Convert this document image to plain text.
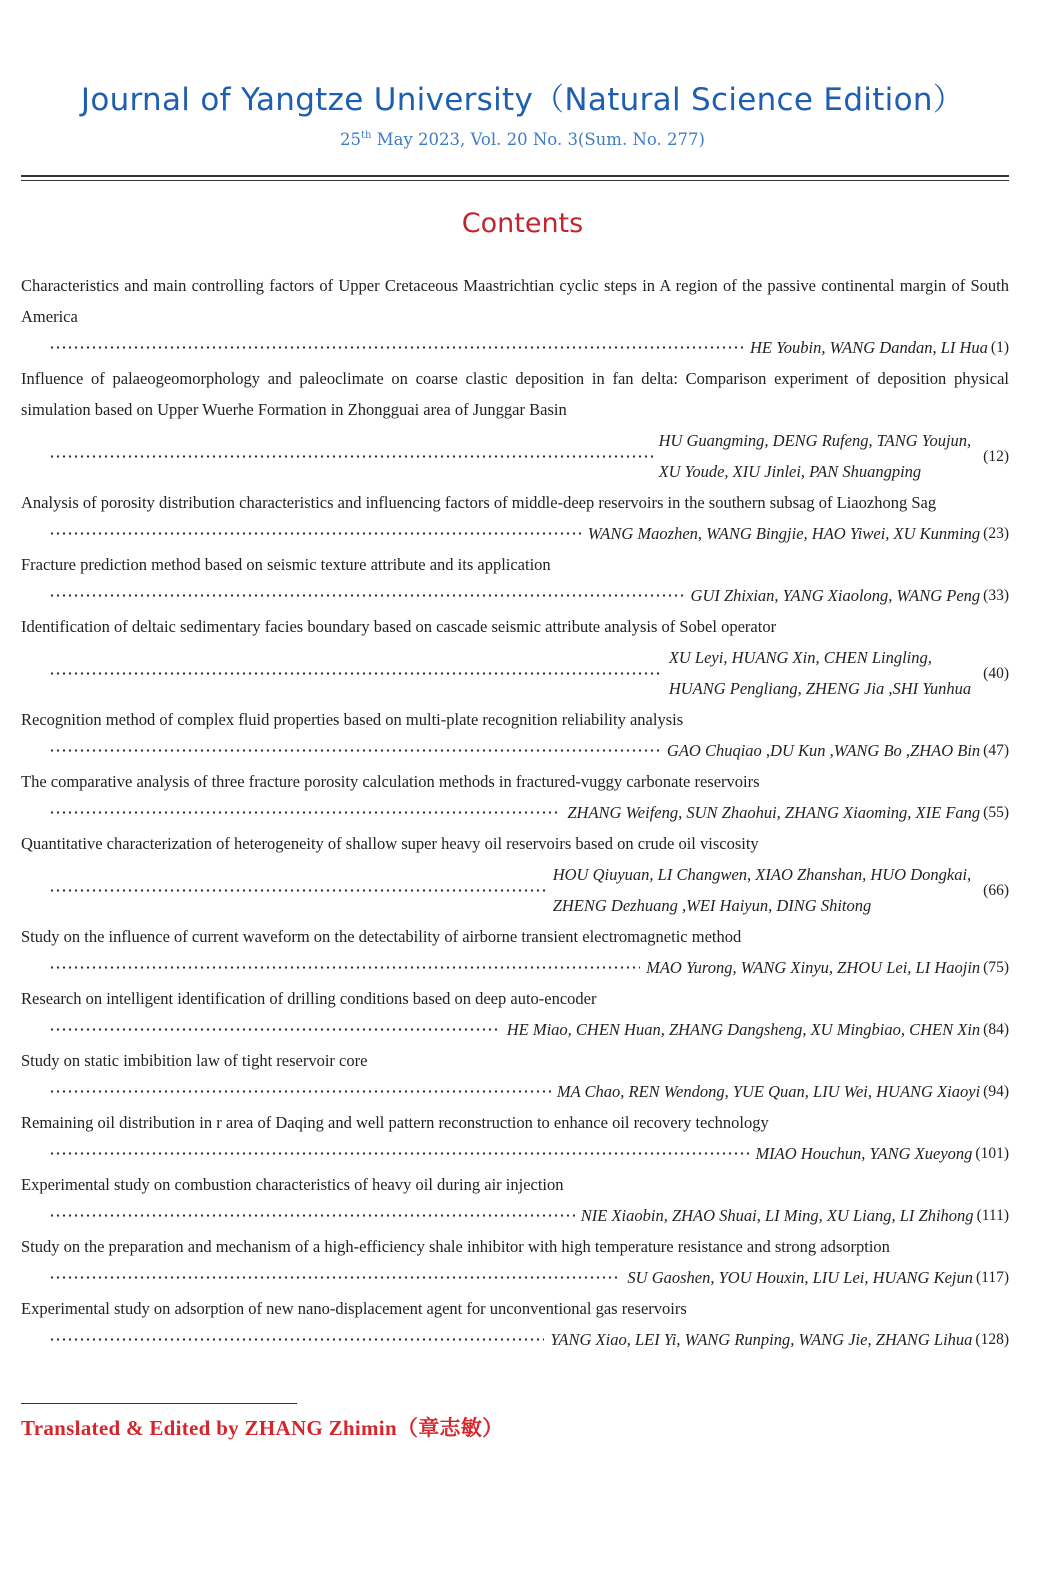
Journal of Yangtze University（Natural Science Edition）
25th May 2023, Vol. 20 No. 3(Sum. No. 277)
Contents
Characteristics and main controlling factors of Upper Cretaceous Maastrichtian cyclic steps in A region of the passive continental margin of South America
HE Youbin, WANG Dandan, LI Hua (1)
Influence of palaeogeomorphology and paleoclimate on coarse clastic deposition in fan delta: Comparison experiment of deposition physical simulation based on Upper Wuerhe Formation in Zhongguai area of Junggar Basin
HU Guangming, DENG Rufeng, TANG Youjun,
XU Youde, XIU Jinlei, PAN Shuangping
(12)
Analysis of porosity distribution characteristics and influencing factors of middle-deep reservoirs in the southern subsag of Liaozhong Sag
WANG Maozhen, WANG Bingjie, HAO Yiwei, XU Kunming (23)
Fracture prediction method based on seismic texture attribute and its application
GUI Zhixian, YANG Xiaolong, WANG Peng (33)
Identification of deltaic sedimentary facies boundary based on cascade seismic attribute analysis of Sobel operator
XU Leyi, HUANG Xin, CHEN Lingling,
HUANG Pengliang, ZHENG Jia ,SHI Yunhua
(40)
Recognition method of complex fluid properties based on multi-plate recognition reliability analysis
GAO Chuqiao ,DU Kun ,WANG Bo ,ZHAO Bin (47)
The comparative analysis of three fracture porosity calculation methods in fractured-vuggy carbonate reservoirs
ZHANG Weifeng, SUN Zhaohui, ZHANG Xiaoming, XIE Fang (55)
Quantitative characterization of heterogeneity of shallow super heavy oil reservoirs based on crude oil viscosity
HOU Qiuyuan, LI Changwen, XIAO Zhanshan, HUO Dongkai,
ZHENG Dezhuang ,WEI Haiyun, DING Shitong
(66)
Study on the influence of current waveform on the detectability of airborne transient electromagnetic method
MAO Yurong, WANG Xinyu, ZHOU Lei, LI Haojin (75)
Research on intelligent identification of drilling conditions based on deep auto-encoder
HE Miao, CHEN Huan, ZHANG Dangsheng, XU Mingbiao, CHEN Xin (84)
Study on static imbibition law of tight reservoir core
MA Chao, REN Wendong, YUE Quan, LIU Wei, HUANG Xiaoyi (94)
Remaining oil distribution in r area of Daqing and well pattern reconstruction to enhance oil recovery technology
MIAO Houchun, YANG Xueyong (101)
Experimental study on combustion characteristics of heavy oil during air injection
NIE Xiaobin, ZHAO Shuai, LI Ming, XU Liang, LI Zhihong (111)
Study on the preparation and mechanism of a high-efficiency shale inhibitor with high temperature resistance and strong adsorption
SU Gaoshen, YOU Houxin, LIU Lei, HUANG Kejun (117)
Experimental study on adsorption of new nano-displacement agent for unconventional gas reservoirs
YANG Xiao, LEI Yi, WANG Runping, WANG Jie, ZHANG Lihua (128)
Translated & Edited by ZHANG Zhimin（章志敏）
